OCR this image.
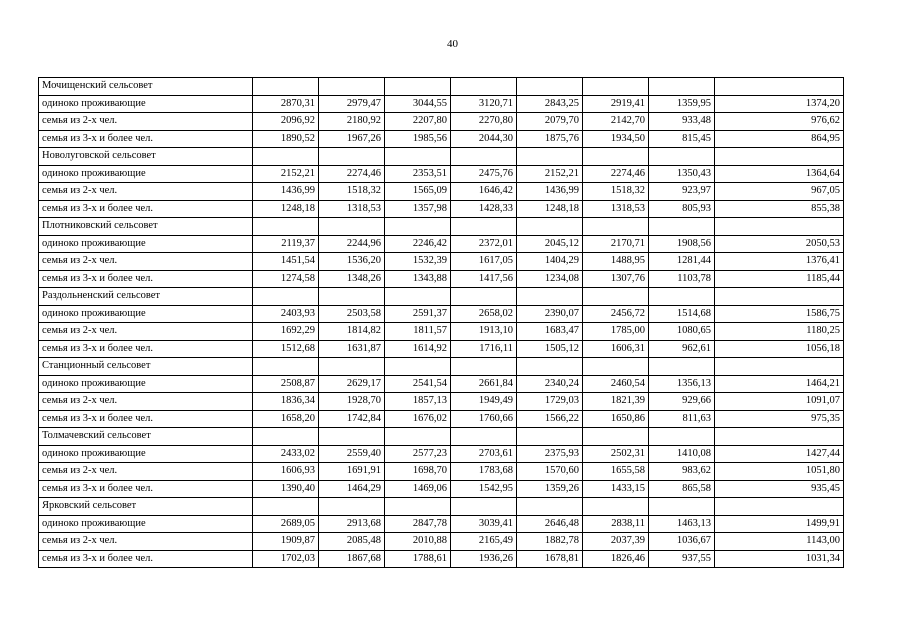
40
Мочищенский сельсовет								
одиноко проживающие	2870,31	2979,47	3044,55	3120,71	2843,25	2919,41	1359,95	1374,20
семья из 2-х чел.	2096,92	2180,92	2207,80	2270,80	2079,70	2142,70	933,48	976,62
семья из 3-х и более чел.	1890,52	1967,26	1985,56	2044,30	1875,76	1934,50	815,45	864,95
Новолуговской сельсовет								
одиноко проживающие	2152,21	2274,46	2353,51	2475,76	2152,21	2274,46	1350,43	1364,64
семья из 2-х чел.	1436,99	1518,32	1565,09	1646,42	1436,99	1518,32	923,97	967,05
семья из 3-х и более чел.	1248,18	1318,53	1357,98	1428,33	1248,18	1318,53	805,93	855,38
Плотниковский сельсовет								
одиноко проживающие	2119,37	2244,96	2246,42	2372,01	2045,12	2170,71	1908,56	2050,53
семья из 2-х чел.	1451,54	1536,20	1532,39	1617,05	1404,29	1488,95	1281,44	1376,41
семья из 3-х и более чел.	1274,58	1348,26	1343,88	1417,56	1234,08	1307,76	1103,78	1185,44
Раздольненский сельсовет								
одиноко проживающие	2403,93	2503,58	2591,37	2658,02	2390,07	2456,72	1514,68	1586,75
семья из 2-х чел.	1692,29	1814,82	1811,57	1913,10	1683,47	1785,00	1080,65	1180,25
семья из 3-х и более чел.	1512,68	1631,87	1614,92	1716,11	1505,12	1606,31	962,61	1056,18
Станционный сельсовет								
одиноко проживающие	2508,87	2629,17	2541,54	2661,84	2340,24	2460,54	1356,13	1464,21
семья из 2-х чел.	1836,34	1928,70	1857,13	1949,49	1729,03	1821,39	929,66	1091,07
семья из 3-х и более чел.	1658,20	1742,84	1676,02	1760,66	1566,22	1650,86	811,63	975,35
Толмачевский сельсовет								
одиноко проживающие	2433,02	2559,40	2577,23	2703,61	2375,93	2502,31	1410,08	1427,44
семья из 2-х чел.	1606,93	1691,91	1698,70	1783,68	1570,60	1655,58	983,62	1051,80
семья из 3-х и более чел.	1390,40	1464,29	1469,06	1542,95	1359,26	1433,15	865,58	935,45
Ярковский сельсовет								
одиноко проживающие	2689,05	2913,68	2847,78	3039,41	2646,48	2838,11	1463,13	1499,91
семья из 2-х чел.	1909,87	2085,48	2010,88	2165,49	1882,78	2037,39	1036,67	1143,00
семья из 3-х и более чел.	1702,03	1867,68	1788,61	1936,26	1678,81	1826,46	937,55	1031,34
